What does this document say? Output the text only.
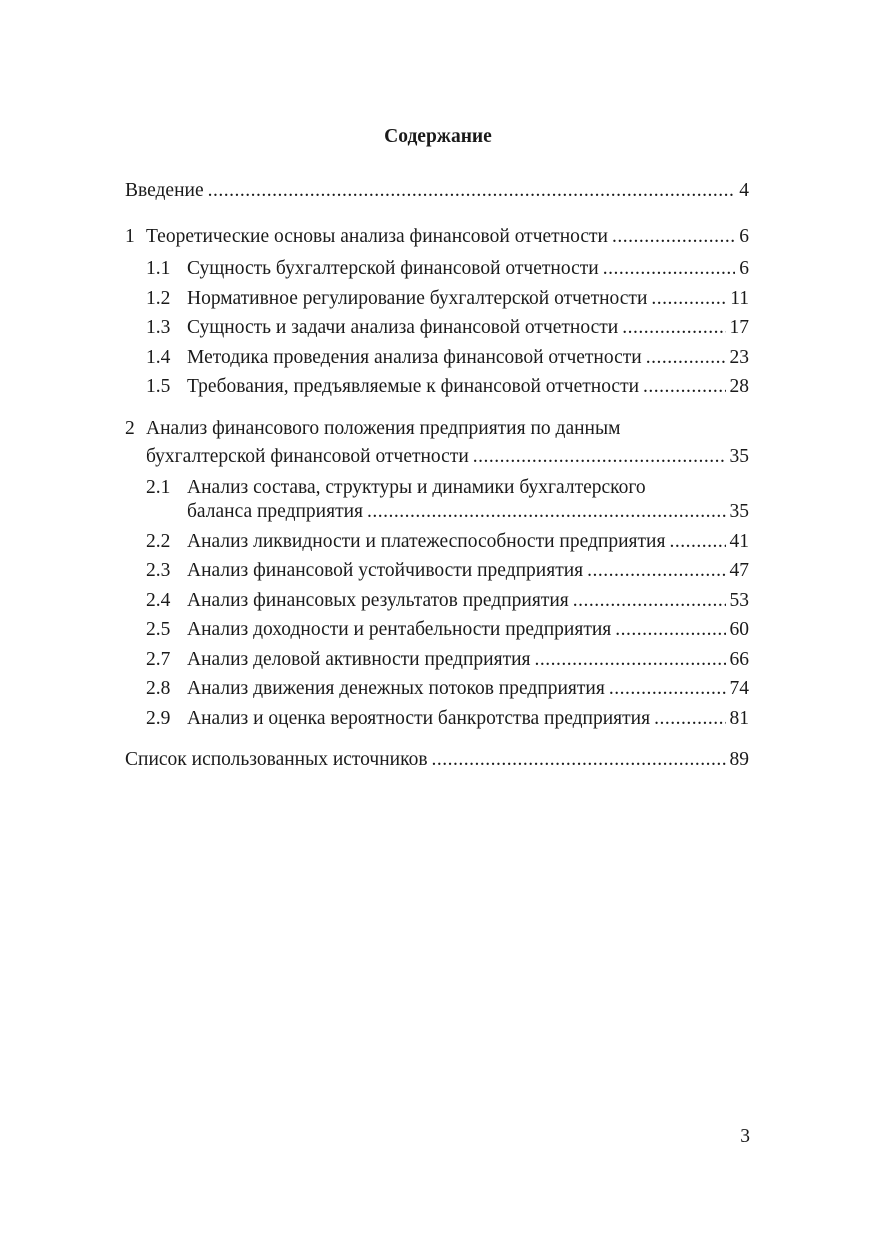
Содержание
Введение .....	4
1 Теоретические основы анализа финансовой отчетности .....	6
1.1 Сущность бухгалтерской финансовой отчетности .....	6
1.2 Нормативное регулирование бухгалтерской отчетности .....	11
1.3 Сущность и задачи анализа финансовой отчетности .....	17
1.4 Методика проведения анализа финансовой отчетности .....	23
1.5 Требования, предъявляемые к финансовой отчетности .....	28
2 Анализ финансового положения предприятия по данным
бухгалтерской финансовой отчетности .....	35
2.1 Анализ состава, структуры и динамики бухгалтерского
баланса предприятия .....	35
2.2 Анализ ликвидности и платежеспособности предприятия .....	41
2.3 Анализ финансовой устойчивости предприятия .....	47
2.4 Анализ финансовых результатов предприятия .....	53
2.5 Анализ доходности и рентабельности предприятия .....	60
2.7 Анализ деловой активности предприятия .....	66
2.8 Анализ движения денежных потоков предприятия .....	74
2.9 Анализ и оценка вероятности банкротства предприятия .....	81
Список использованных источников .....	89
3
